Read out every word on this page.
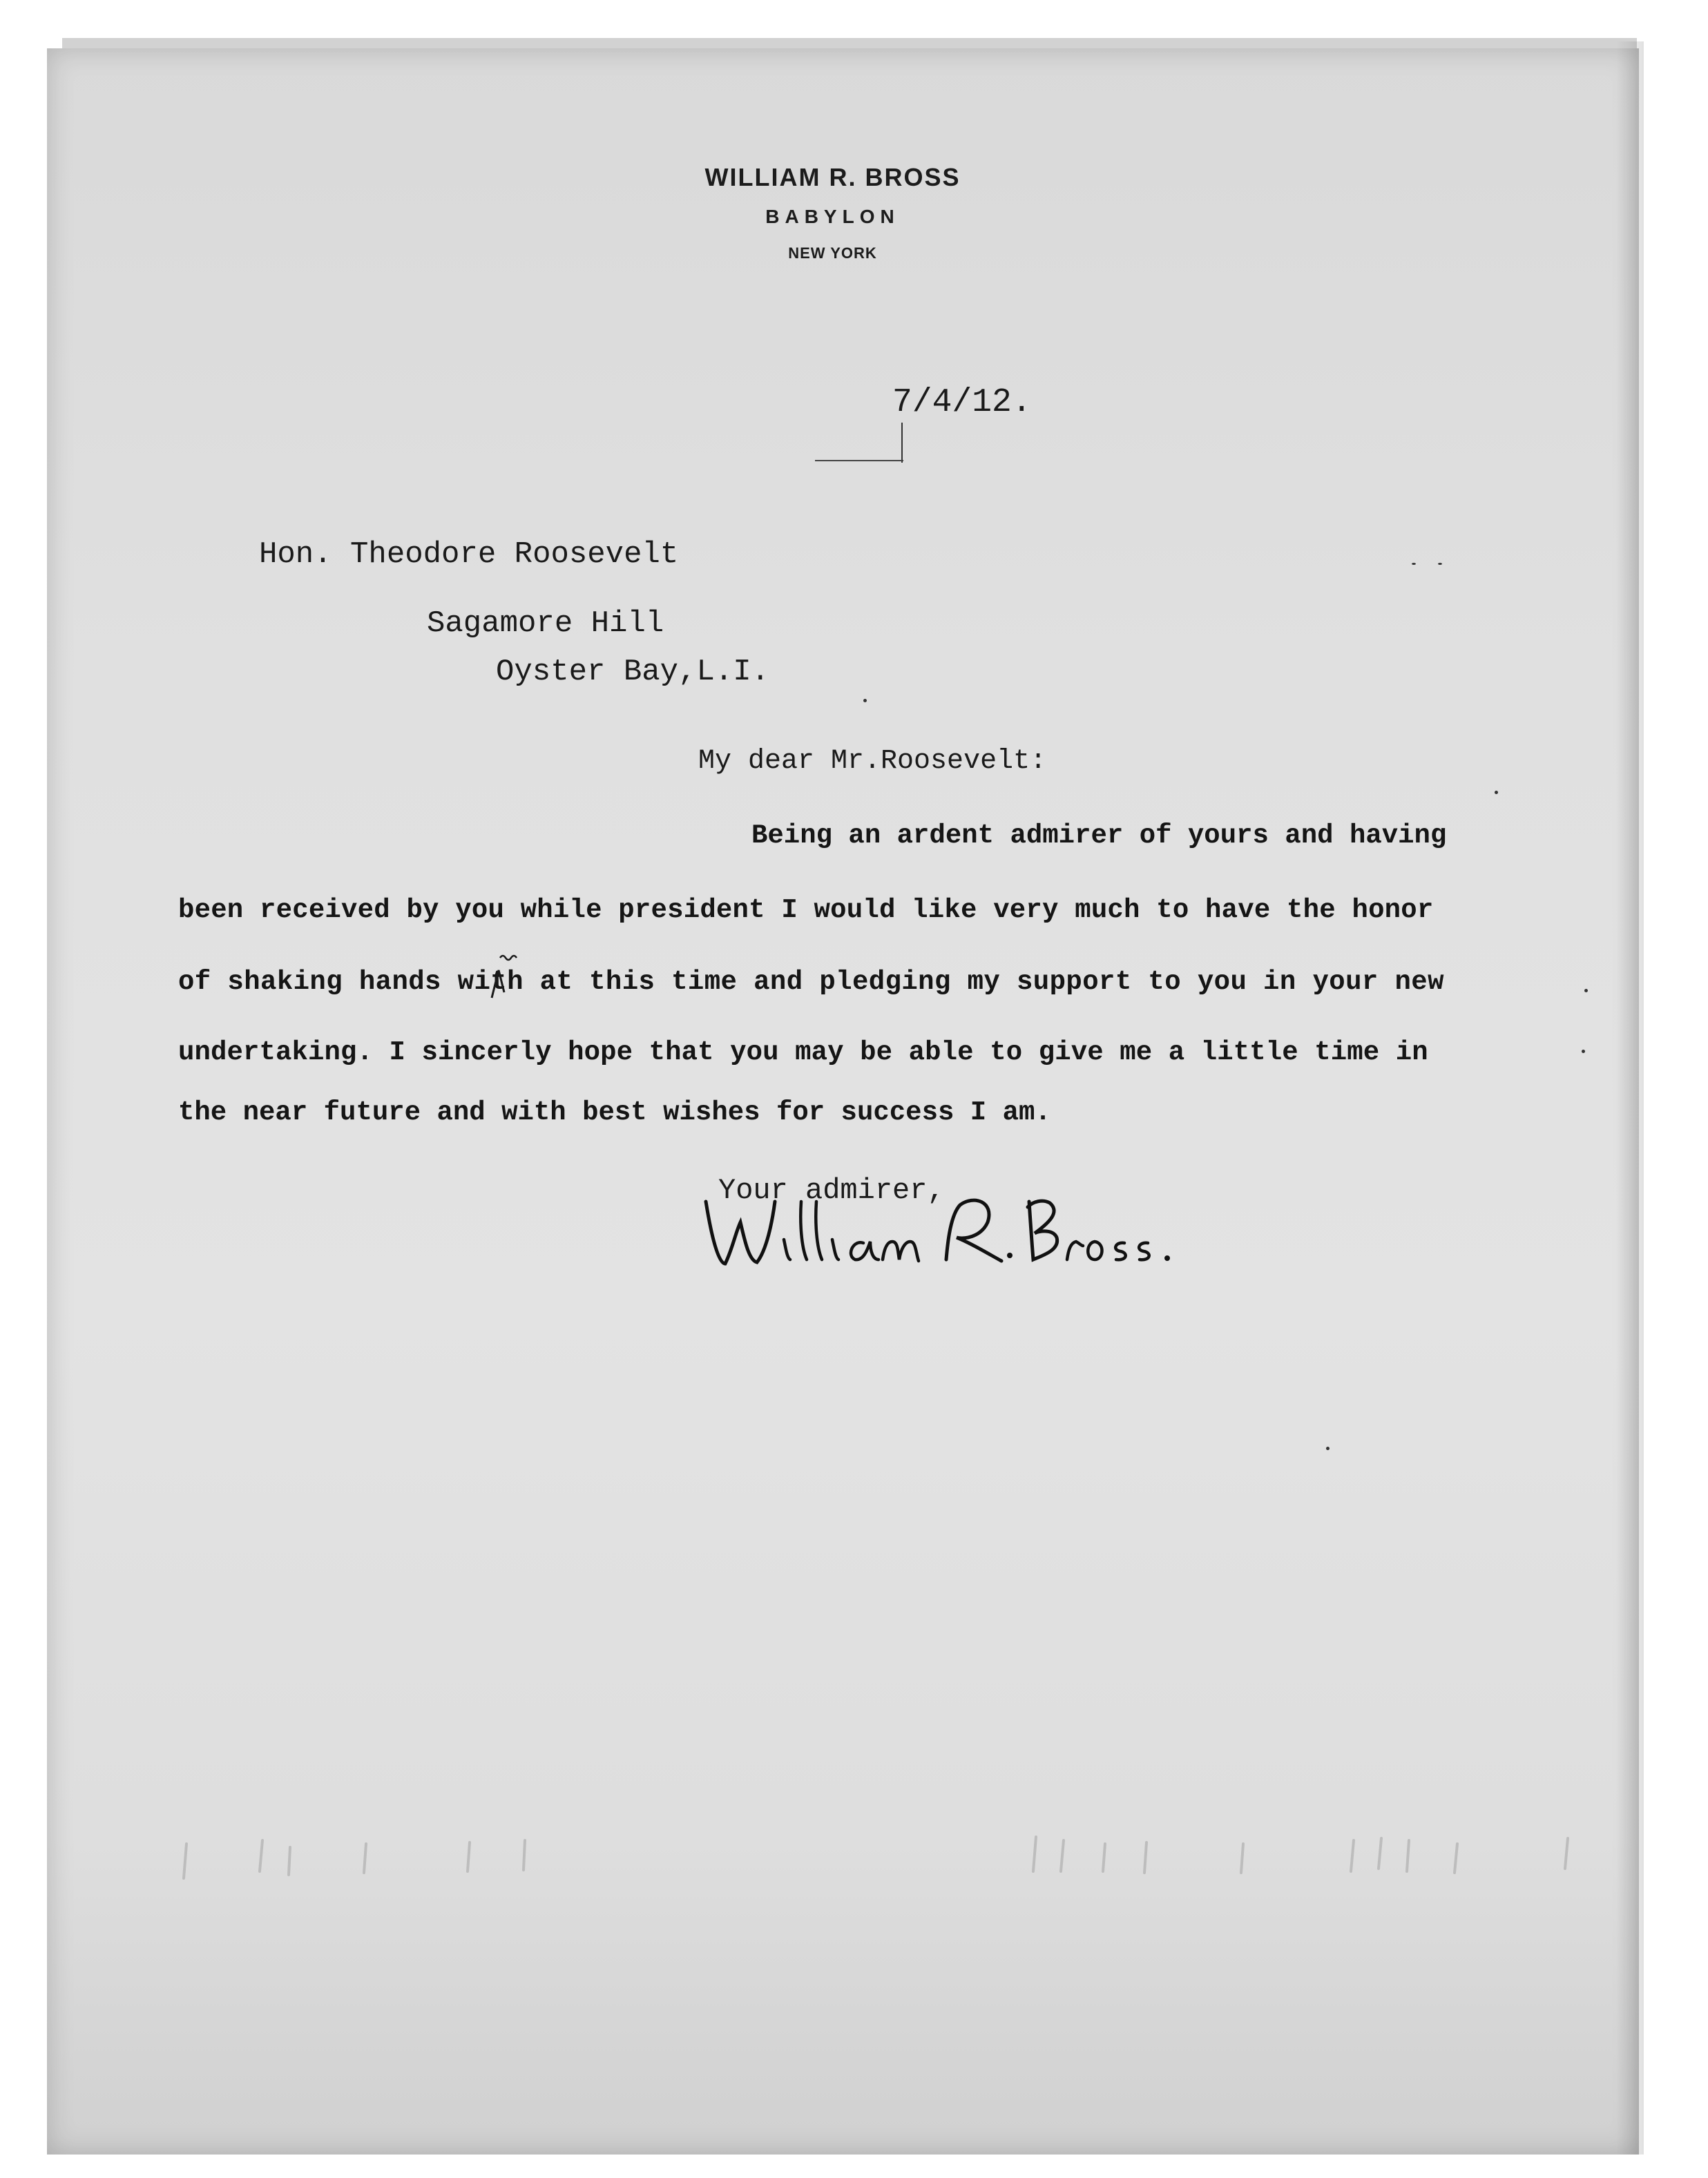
WILLIAM R. BROSS
BABYLON
NEW YORK
7/4/12.
Hon. Theodore Roosevelt
Sagamore Hill
Oyster Bay,L.I.
My dear Mr.Roosevelt:
Being an ardent admirer of yours and having
been received by you while president I would like very much to have the honor
of shaking hands with at this time and pledging my support to you in your new
undertaking. I sincerly hope that you may be able to give me a little time in
the near future and with best wishes for success I am.
Your admirer,
